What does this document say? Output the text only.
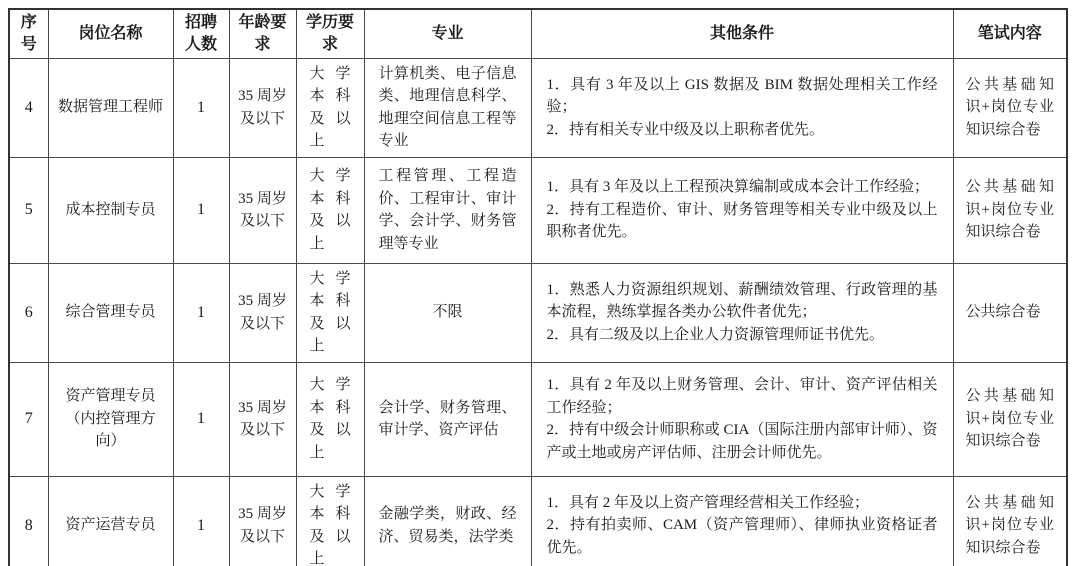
序号	岗位名称	招聘人数	年龄要求	学历要求	专业	其他条件	笔试内容
4	数据管理工程师	1	35 周岁及以下	大学本科及以上	计算机类、电子信息类、地理信息科学、地理空间信息工程等专业	1．具有 3 年及以上 GIS 数据及 BIM 数据处理相关工作经验；
2．持有相关专业中级及以上职称者优先。	公共基础知识+岗位专业知识综合卷
5	成本控制专员	1	35 周岁及以下	大学本科及以上	工程管理、工程造价、工程审计、审计学、会计学、财务管理等专业	1．具有 3 年及以上工程预决算编制或成本会计工作经验；
2．持有工程造价、审计、财务管理等相关专业中级及以上职称者优先。	公共基础知识+岗位专业知识综合卷
6	综合管理专员	1	35 周岁及以下	大学本科及以上	不限	1．熟悉人力资源组织规划、薪酬绩效管理、行政管理的基本流程，熟练掌握各类办公软件者优先；
2．具有二级及以上企业人力资源管理师证书优先。	公共综合卷
7	资产管理专员（内控管理方向）	1	35 周岁及以下	大学本科及以上	会计学、财务管理、审计学、资产评估	1．具有 2 年及以上财务管理、会计、审计、资产评估相关工作经验；
2．持有中级会计师职称或 CIA（国际注册内部审计师）、资产或土地或房产评估师、注册会计师优先。	公共基础知识+岗位专业知识综合卷
8	资产运营专员	1	35 周岁及以下	大学本科及以上	金融学类，财政、经济、贸易类，法学类	1．具有 2 年及以上资产管理经营相关工作经验；
2．持有拍卖师、CAM（资产管理师）、律师执业资格证者优先。	公共基础知识+岗位专业知识综合卷
